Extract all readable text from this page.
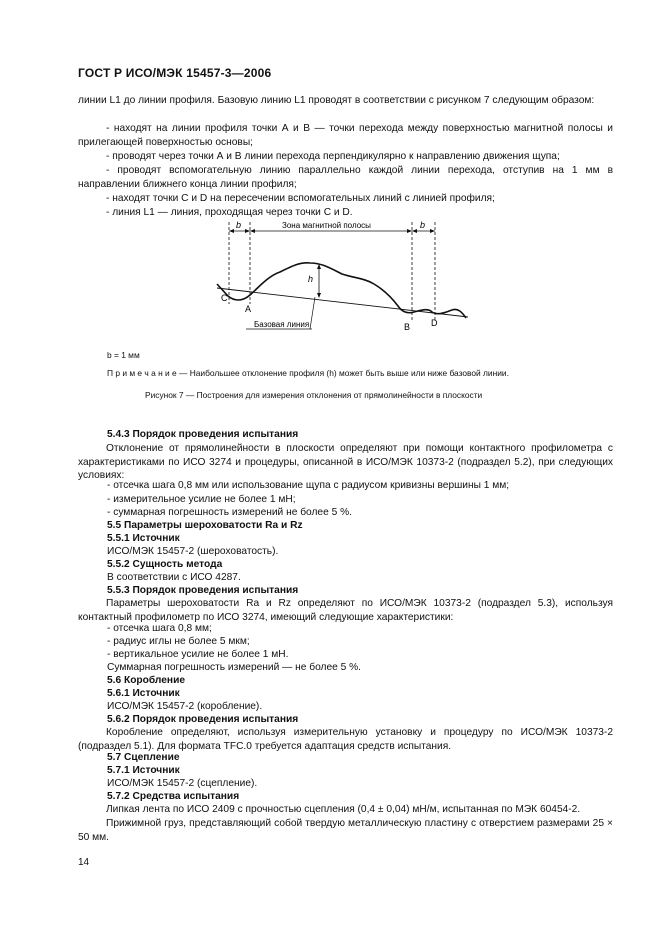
ГОСТ Р ИСО/МЭК 15457-3—2006
линии L1 до линии профиля. Базовую линию L1 проводят в соответствии с рисунком 7 следующим образом:
- находят на линии профиля точки А и В — точки перехода между поверхностью магнитной полосы и прилегающей поверхностью основы;
- проводят через точки А и В линии перехода перпендикулярно к направлению движения щупа;
- проводят вспомогательную линию параллельно каждой линии перехода, отступив на 1 мм в направлении ближнего конца линии профиля;
- находят точки С и D на пересечении вспомогательных линий с линией профиля;
- линия L1 — линия, проходящая через точки С и D.
b	b
Зона магнитной полосы
h
C
A
B D
Базовая линия
b = 1 мм
П р и м е ч а н и е — Наибольшее отклонение профиля (h) может быть выше или ниже базовой линии.
Рисунок 7 — Построения для измерения отклонения от прямолинейности в плоскости
5.4.3 Порядок проведения испытания
Отклонение от прямолинейности в плоскости определяют при помощи контактного профилометра с характеристиками по ИСО 3274 и процедуры, описанной в ИСО/МЭК 10373-2 (подраздел 5.2), при следующих условиях:
- отсечка шага 0,8 мм или использование щупа с радиусом кривизны вершины 1 мм;
- измерительное усилие не более 1 мН;
- суммарная погрешность измерений не более 5 %.
5.5 Параметры шероховатости Ra и Rz
5.5.1 Источник
ИСО/МЭК 15457-2 (шероховатость).
5.5.2 Сущность метода
В соответствии с ИСО 4287.
5.5.3 Порядок проведения испытания
Параметры шероховатости Ra и Rz определяют по ИСО/МЭК 10373-2 (подраздел 5.3), используя контактный профилометр по ИСО 3274, имеющий следующие характеристики:
- отсечка шага 0,8 мм;
- радиус иглы не более 5 мкм;
- вертикальное усилие не более 1 мН.
Суммарная погрешность измерений — не более 5 %.
5.6 Коробление
5.6.1 Источник
ИСО/МЭК 15457-2 (коробление).
5.6.2 Порядок проведения испытания
Коробление определяют, используя измерительную установку и процедуру по ИСО/МЭК 10373-2 (подраздел 5.1). Для формата TFC.0 требуется адаптация средств испытания.
5.7 Сцепление
5.7.1 Источник
ИСО/МЭК 15457-2 (сцепление).
5.7.2 Средства испытания
Липкая лента по ИСО 2409 с прочностью сцепления (0,4 ± 0,04) мН/м, испытанная по МЭК 60454-2.
Прижимной груз, представляющий собой твердую металлическую пластину с отверстием размерами 25 × 50 мм.
14
